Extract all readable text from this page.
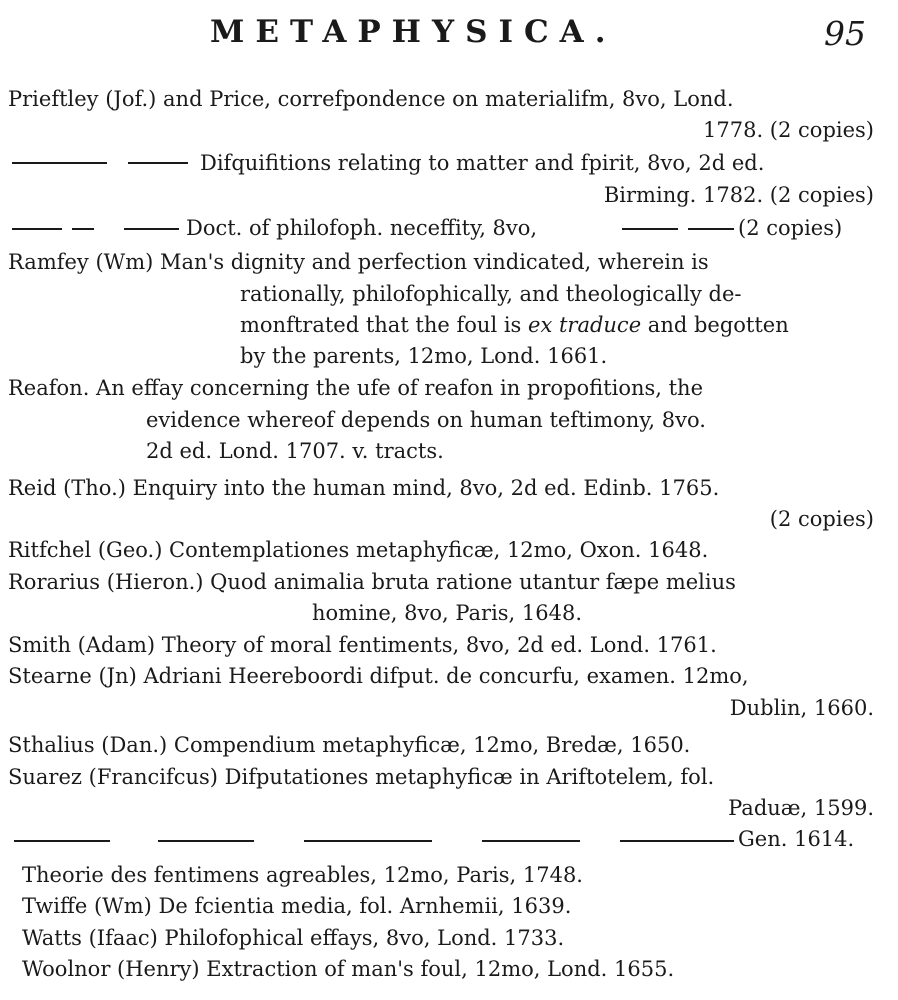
METAPHYSICA.	95
Prieftley (Jof.) and Price, correfpondence on materialifm, 8vo, Lond.
1778. (2 copies)
Difquifitions relating to matter and fpirit, 8vo, 2d ed.
Birming. 1782. (2 copies)
Doct. of philofoph. neceffity, 8vo,	(2 copies)
Ramfey (Wm) Man's dignity and perfection vindicated, wherein is
rationally, philofophically, and theologically de-
monftrated that the foul is ex traduce and begotten
by the parents, 12mo, Lond. 1661.
Reafon. An effay concerning the ufe of reafon in propofitions, the
evidence whereof depends on human teftimony, 8vo.
2d ed. Lond. 1707. v. tracts.
Reid (Tho.) Enquiry into the human mind, 8vo, 2d ed. Edinb. 1765.
(2 copies)
Ritfchel (Geo.) Contemplationes metaphyficæ, 12mo, Oxon. 1648.
Rorarius (Hieron.) Quod animalia bruta ratione utantur fæpe melius
homine, 8vo, Paris, 1648.
Smith (Adam) Theory of moral fentiments, 8vo, 2d ed. Lond. 1761.
Stearne (Jn) Adriani Heereboordi difput. de concurfu, examen. 12mo,
Dublin, 1660.
Sthalius (Dan.) Compendium metaphyficæ, 12mo, Bredæ, 1650.
Suarez (Francifcus) Difputationes metaphyficæ in Ariftotelem, fol.
Paduæ, 1599.
Gen. 1614.
Theorie des fentimens agreables, 12mo, Paris, 1748.
Twiffe (Wm) De fcientia media, fol. Arnhemii, 1639.
Watts (Ifaac) Philofophical effays, 8vo, Lond. 1733.
Woolnor (Henry) Extraction of man's foul, 12mo, Lond. 1655.
